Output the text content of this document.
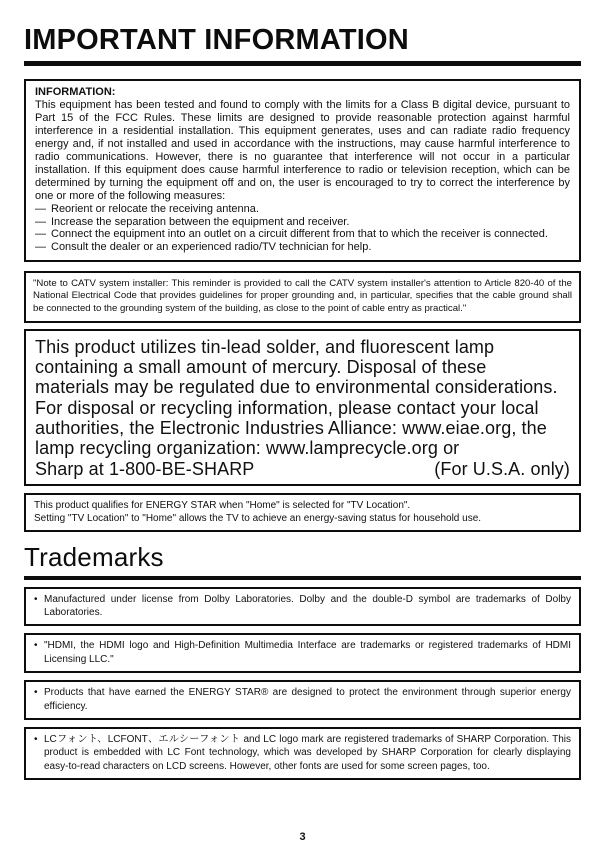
IMPORTANT INFORMATION

INFORMATION:

This equipment has been tested and found to comply with the limits for a Class B digital device, pursuant to Part 15 of the FCC Rules. These limits are designed to provide reasonable protection against harmful interference in a residential installation. This equipment generates, uses and can radiate radio frequency energy and, if not installed and used in accordance with the instructions, may cause harmful interference to radio communications. However, there is no guarantee that interference will not occur in a particular installation. If this equipment does cause harmful interference to radio or television reception, which can be determined by turning the equipment off and on, the user is encouraged to try to correct the interference by one or more of the following measures:

— Reorient or relocate the receiving antenna.
— Increase the separation between the equipment and receiver.
— Connect the equipment into an outlet on a circuit different from that to which the receiver is connected.
— Consult the dealer or an experienced radio/TV technician for help.

"Note to CATV system installer: This reminder is provided to call the CATV system installer's attention to Article 820-40 of the National Electrical Code that provides guidelines for proper grounding and, in particular, specifies that the cable ground shall be connected to the grounding system of the building, as close to the point of cable entry as practical."

This product utilizes tin-lead solder, and fluorescent lamp
containing a small amount of mercury. Disposal of these
materials may be regulated due to environmental considerations.
For disposal or recycling information, please contact your local
authorities, the Electronic Industries Alliance: www.eiae.org, the
lamp recycling organization: www.lamprecycle.org or
Sharp at 1-800-BE-SHARP	(For U.S.A. only)
This product qualifies for ENERGY STAR when "Home" is selected for "TV Location".
Setting "TV Location" to "Home" allows the TV to achieve an energy-saving status for household use.
Trademarks
• Manufactured under license from Dolby Laboratories. Dolby and the double-D symbol are trademarks of Dolby Laboratories.
• "HDMI, the HDMI logo and High-Definition Multimedia Interface are trademarks or registered trademarks of HDMI Licensing LLC."
• Products that have earned the ENERGY STAR® are designed to protect the environment through superior energy efficiency.
• LCフォント、LCFONT、エルシーフォント and LC logo mark are registered trademarks of SHARP Corporation. This product is embedded with LC Font technology, which was developed by SHARP Corporation for clearly displaying easy-to-read characters on LCD screens. However, other fonts are used for some screen pages, too.
3
